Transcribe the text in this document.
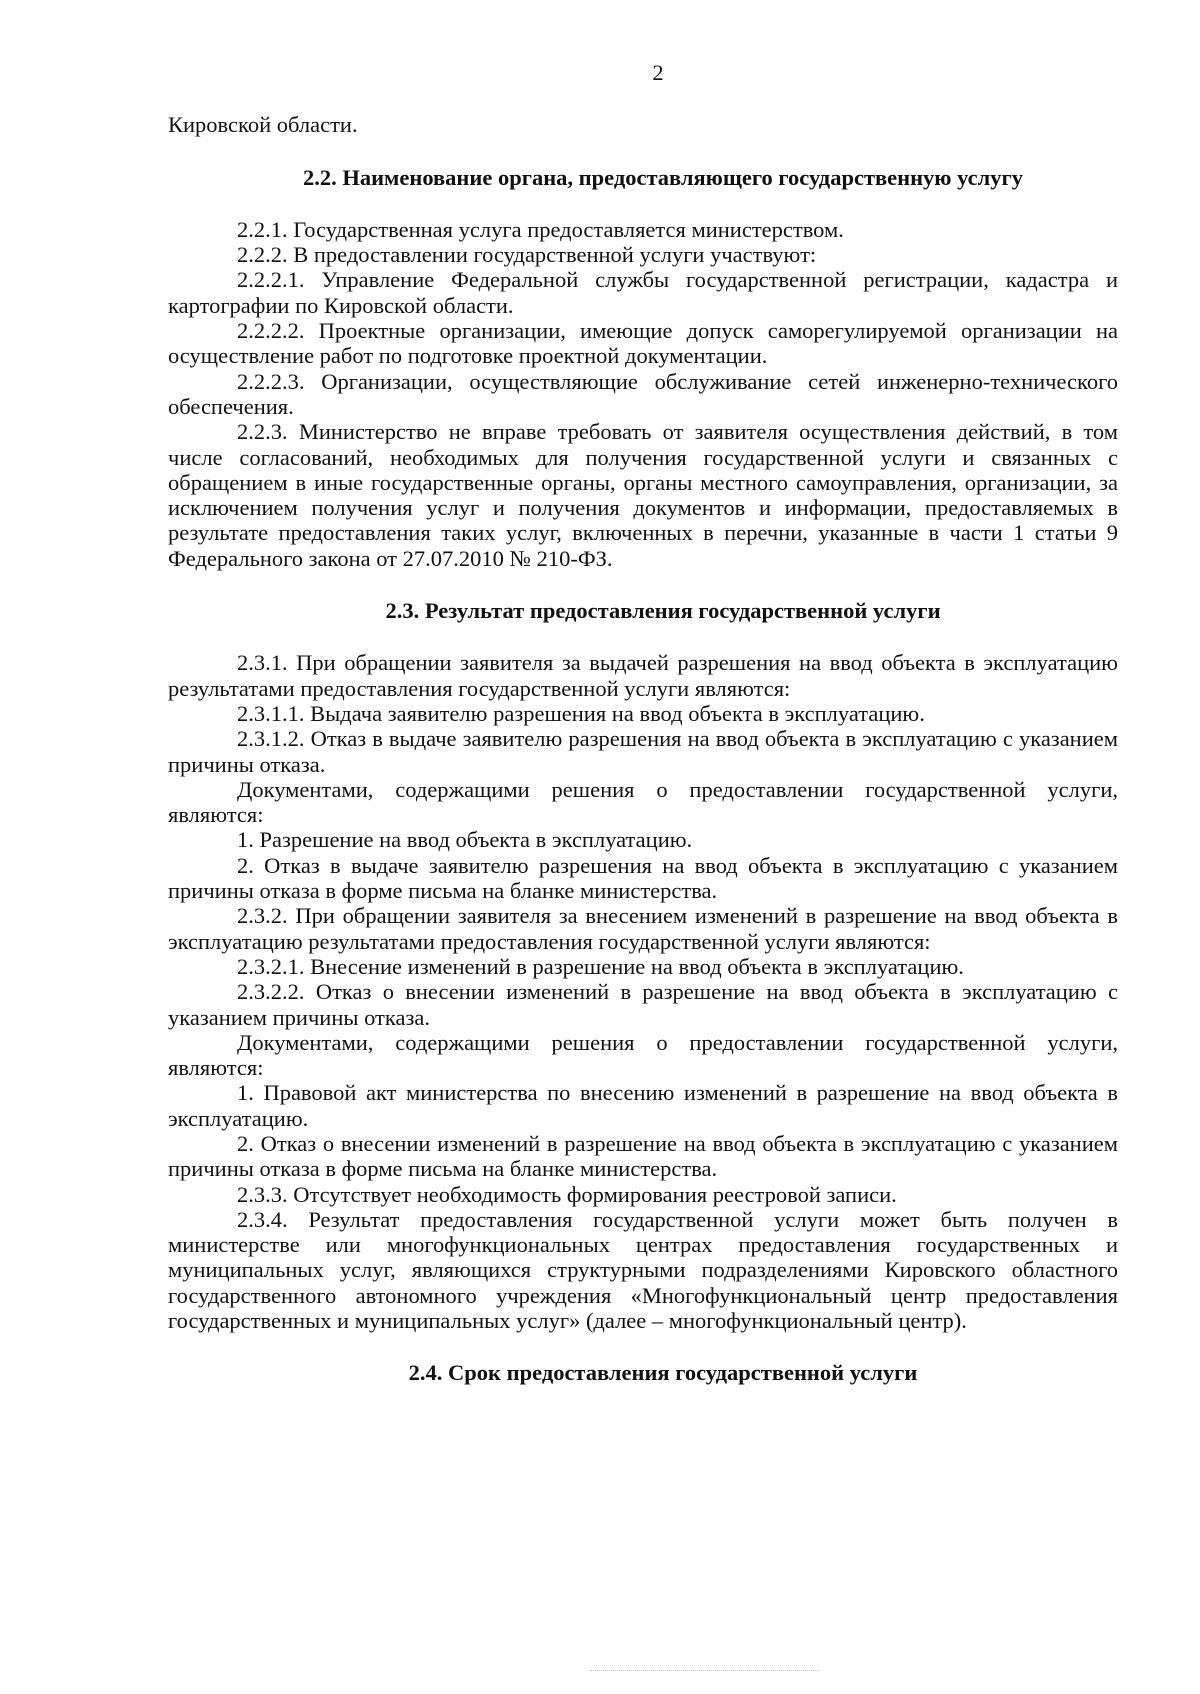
2

Кировской области.

2.2. Наименование органа, предоставляющего государственную услугу

2.2.1. Государственная услуга предоставляется министерством.

2.2.2. В предоставлении государственной услуги участвуют:

2.2.2.1. Управление Федеральной службы государственной регистрации, кадастра и картографии по Кировской области.

2.2.2.2. Проектные организации, имеющие допуск саморегулируемой организации на осуществление работ по подготовке проектной документации.

2.2.2.3. Организации, осуществляющие обслуживание сетей инженерно-технического обеспечения.

2.2.3. Министерство не вправе требовать от заявителя осуществления действий, в том числе согласований, необходимых для получения государственной услуги и связанных с обращением в иные государственные органы, органы местного самоуправления, организации, за исключением получения услуг и получения документов и информации, предоставляемых в результате предоставления таких услуг, включенных в перечни, указанные в части 1 статьи 9 Федерального закона от 27.07.2010 № 210-ФЗ.

2.3. Результат предоставления государственной услуги

2.3.1. При обращении заявителя за выдачей разрешения на ввод объекта в эксплуатацию результатами предоставления государственной услуги являются:

2.3.1.1. Выдача заявителю разрешения на ввод объекта в эксплуатацию.

2.3.1.2. Отказ в выдаче заявителю разрешения на ввод объекта в эксплуатацию с указанием причины отказа.

Документами, содержащими решения о предоставлении государственной услуги, являются:

1. Разрешение на ввод объекта в эксплуатацию.

2. Отказ в выдаче заявителю разрешения на ввод объекта в эксплуатацию с указанием причины отказа в форме письма на бланке министерства.

2.3.2. При обращении заявителя за внесением изменений в разрешение на ввод объекта в эксплуатацию результатами предоставления государственной услуги являются:

2.3.2.1. Внесение изменений в разрешение на ввод объекта в эксплуатацию.

2.3.2.2. Отказ о внесении изменений в разрешение на ввод объекта в эксплуатацию с указанием причины отказа.

Документами, содержащими решения о предоставлении государственной услуги, являются:

1. Правовой акт министерства по внесению изменений в разрешение на ввод объекта в эксплуатацию.

2. Отказ о внесении изменений в разрешение на ввод объекта в эксплуатацию с указанием причины отказа в форме письма на бланке министерства.

2.3.3. Отсутствует необходимость формирования реестровой записи.

2.3.4. Результат предоставления государственной услуги может быть получен в министерстве или многофункциональных центрах предоставления государственных и муниципальных услуг, являющихся структурными подразделениями Кировского областного государственного автономного учреждения «Многофункциональный центр предоставления государственных и муниципальных услуг» (далее – многофункциональный центр).

2.4. Срок предоставления государственной услуги
